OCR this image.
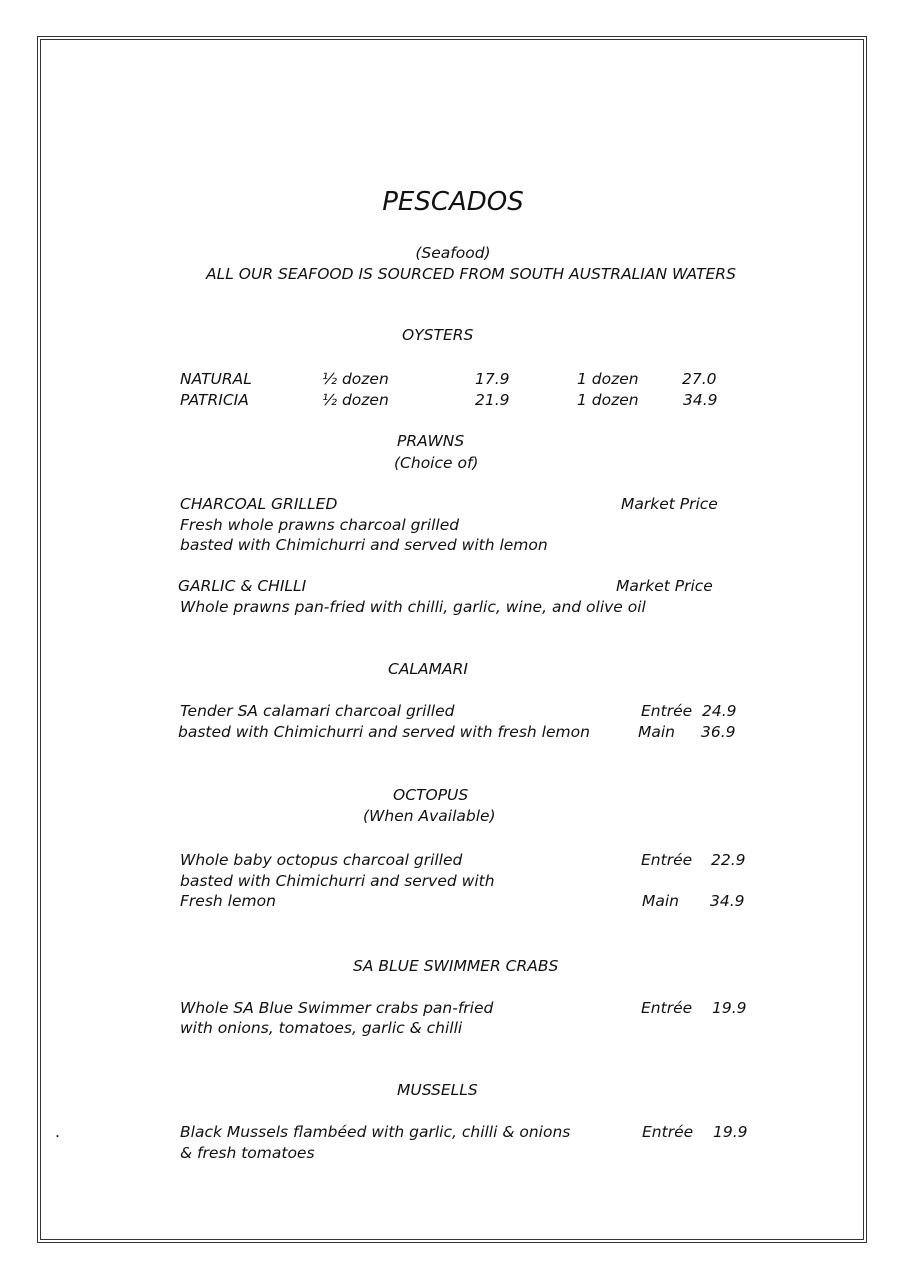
PESCADOS
(Seafood)
ALL OUR SEAFOOD IS SOURCED FROM SOUTH AUSTRALIAN WATERS
OYSTERS
NATURAL	½ dozen	17.9	1 dozen	27.0
PATRICIA	½ dozen	21.9	1 dozen	34.9
PRAWNS
(Choice of)
CHARCOAL GRILLED	Market Price
Fresh whole prawns charcoal grilled
basted with Chimichurri and served with lemon
GARLIC & CHILLI	Market Price
Whole prawns pan-fried with chilli, garlic, wine, and olive oil
CALAMARI
Tender SA calamari charcoal grilled	Entrée 24.9
basted with Chimichurri and served with fresh lemon	Main 36.9
OCTOPUS
(When Available)
Whole baby octopus charcoal grilled	Entrée 22.9
basted with Chimichurri and served with
Fresh lemon	Main 34.9
SA BLUE SWIMMER CRABS
Whole SA Blue Swimmer crabs pan-fried	Entrée 19.9
with onions, tomatoes, garlic & chilli
MUSSELLS
.	Black Mussels flambéed with garlic, chilli & onions	Entrée 19.9
& fresh tomatoes
